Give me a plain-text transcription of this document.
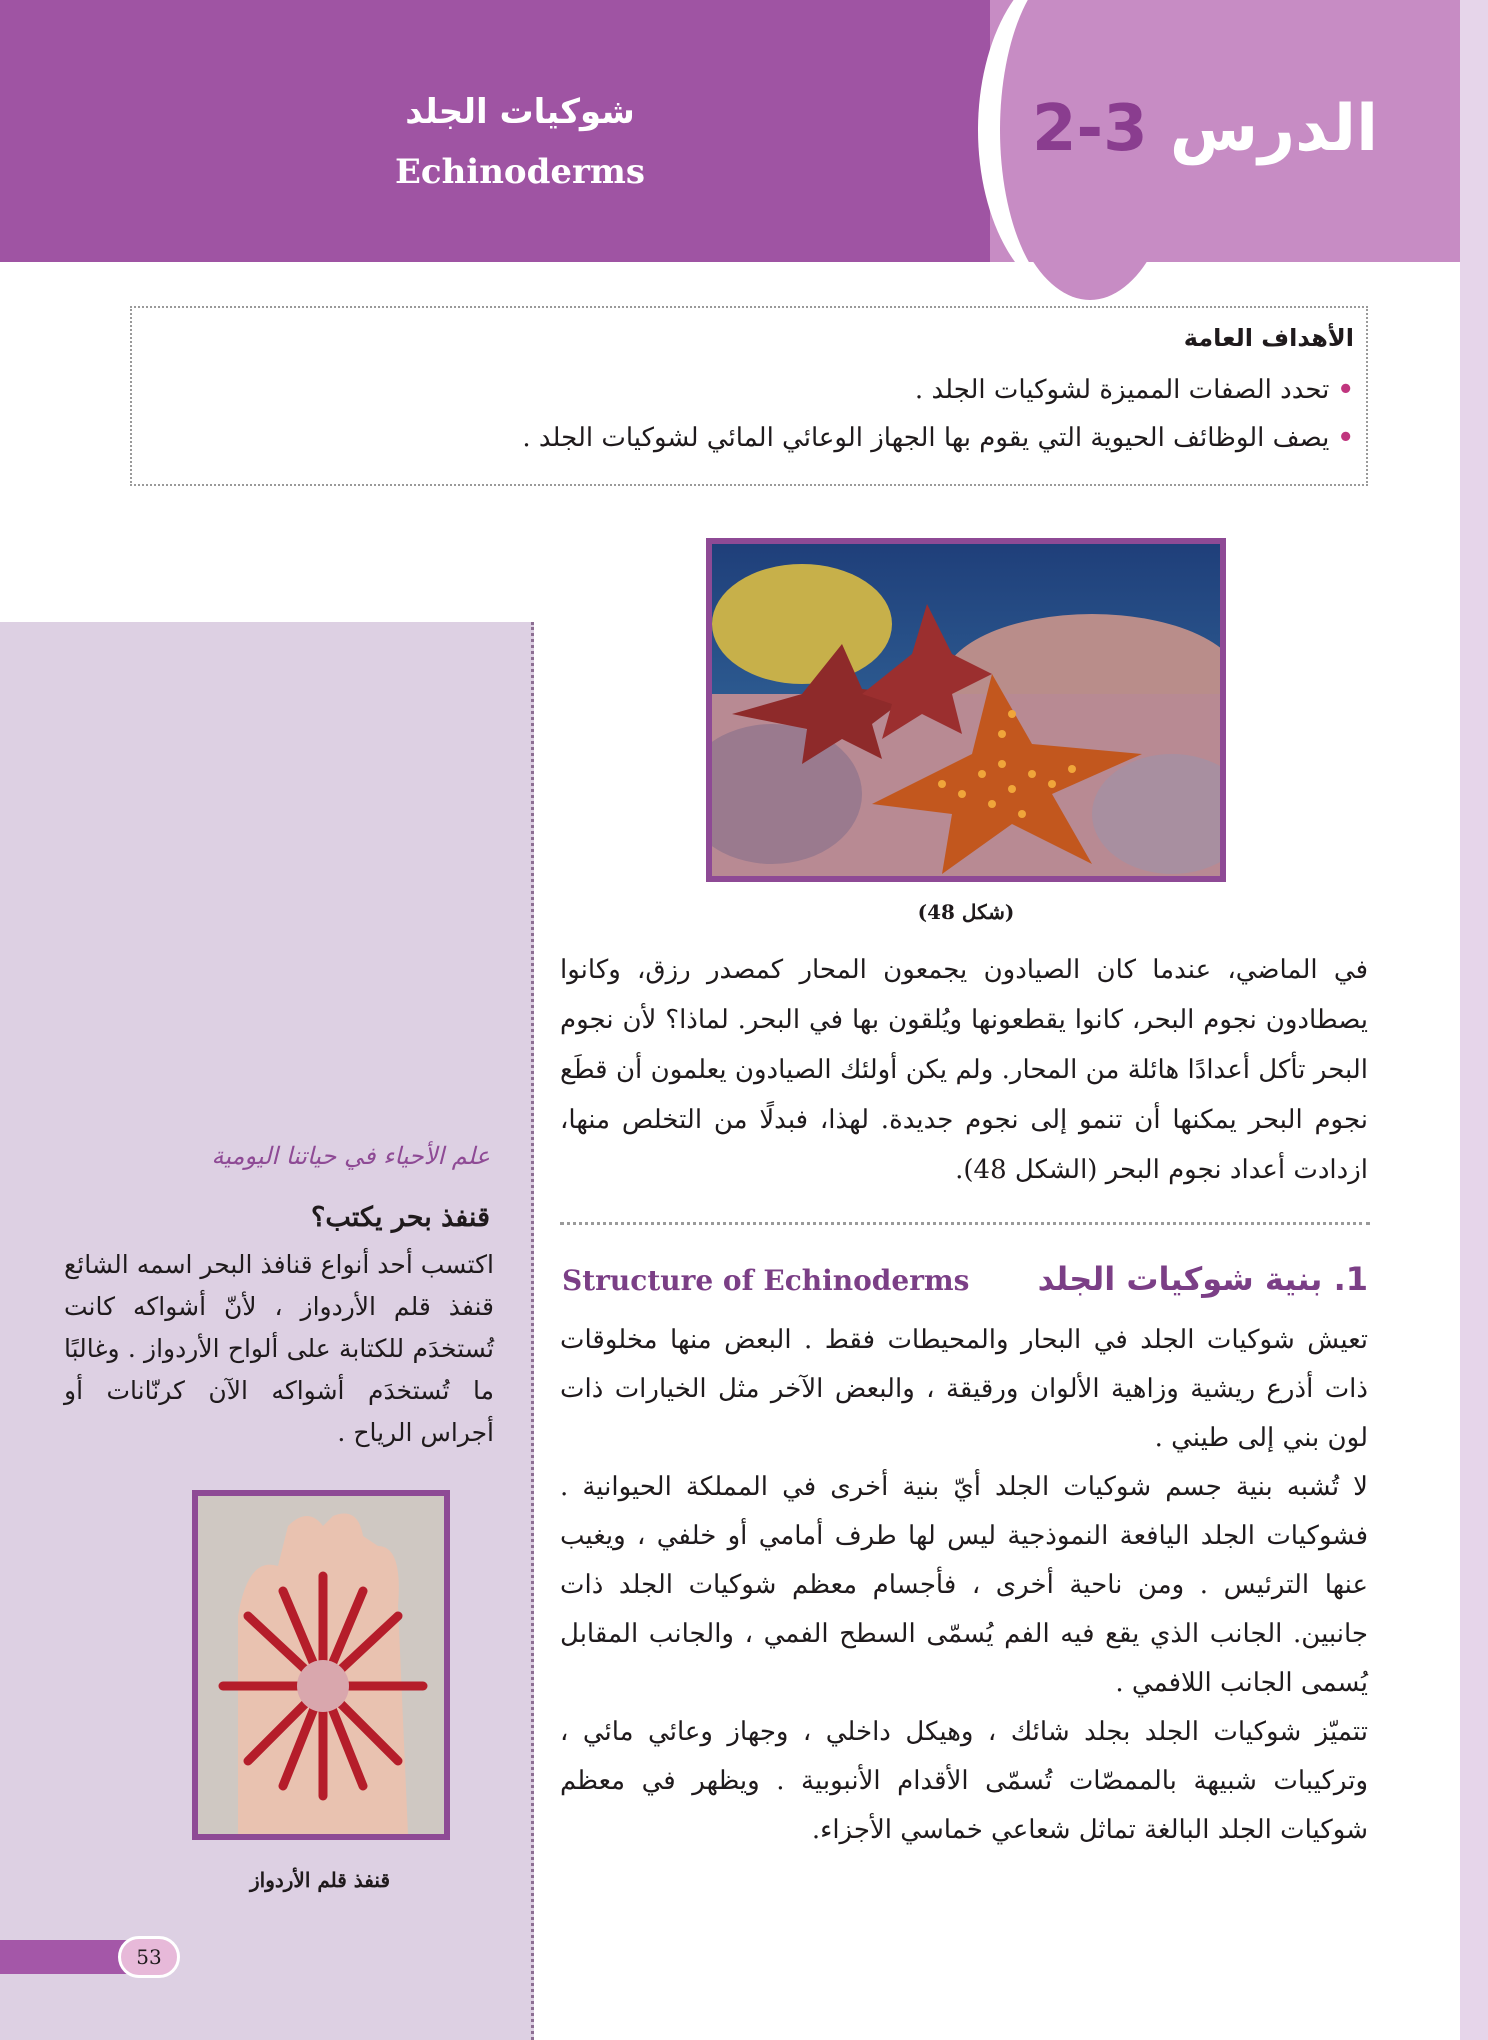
الدرس 3-2
شوكيات الجلد
Echinoderms
الأهداف العامة
•تحدد الصفات المميزة لشوكيات الجلد .
•يصف الوظائف الحيوية التي يقوم بها الجهاز الوعائي المائي لشوكيات الجلد .
(شكل 48)
في الماضي، عندما كان الصيادون يجمعون المحار كمصدر رزق، وكانوا يصطادون نجوم البحر، كانوا يقطعونها ويُلقون بها في البحر. لماذا؟ لأن نجوم البحر تأكل أعدادًا هائلة من المحار. ولم يكن أولئك الصيادون يعلمون أن قطَع نجوم البحر يمكنها أن تنمو إلى نجوم جديدة. لهذا، فبدلًا من التخلص منها، ازدادت أعداد نجوم البحر (الشكل 48).
1. بنية شوكيات الجلد
Structure of Echinoderms

تعيش شوكيات الجلد في البحار والمحيطات فقط . البعض منها مخلوقات ذات أذرع ريشية وزاهية الألوان ورقيقة ، والبعض الآخر مثل الخيارات ذات لون بني إلى طيني .

لا تُشبه بنية جسم شوكيات الجلد أيّ بنية أخرى في المملكة الحيوانية . فشوكيات الجلد اليافعة النموذجية ليس لها طرف أمامي أو خلفي ، ويغيب عنها الترئيس . ومن ناحية أخرى ، فأجسام معظم شوكيات الجلد ذات جانبين. الجانب الذي يقع فيه الفم يُسمّى السطح الفمي ، والجانب المقابل يُسمى الجانب اللافمي .

تتميّز شوكيات الجلد بجلد شائك ، وهيكل داخلي ، وجهاز وعائي مائي ، وتركيبات شبيهة بالممصّات تُسمّى الأقدام الأنبوبية . ويظهر في معظم شوكيات الجلد البالغة تماثل شعاعي خماسي الأجزاء.

علم الأحياء في حياتنا اليومية
قنفذ بحر يكتب؟
اكتسب أحد أنواع قنافذ البحر اسمه الشائع قنفذ قلم الأردواز ، لأنّ أشواكه كانت تُستخدَم للكتابة على ألواح الأردواز . وغالبًا ما تُستخدَم أشواكه الآن كرنّانات أو أجراس الرياح .
قنفذ قلم الأردواز
53
